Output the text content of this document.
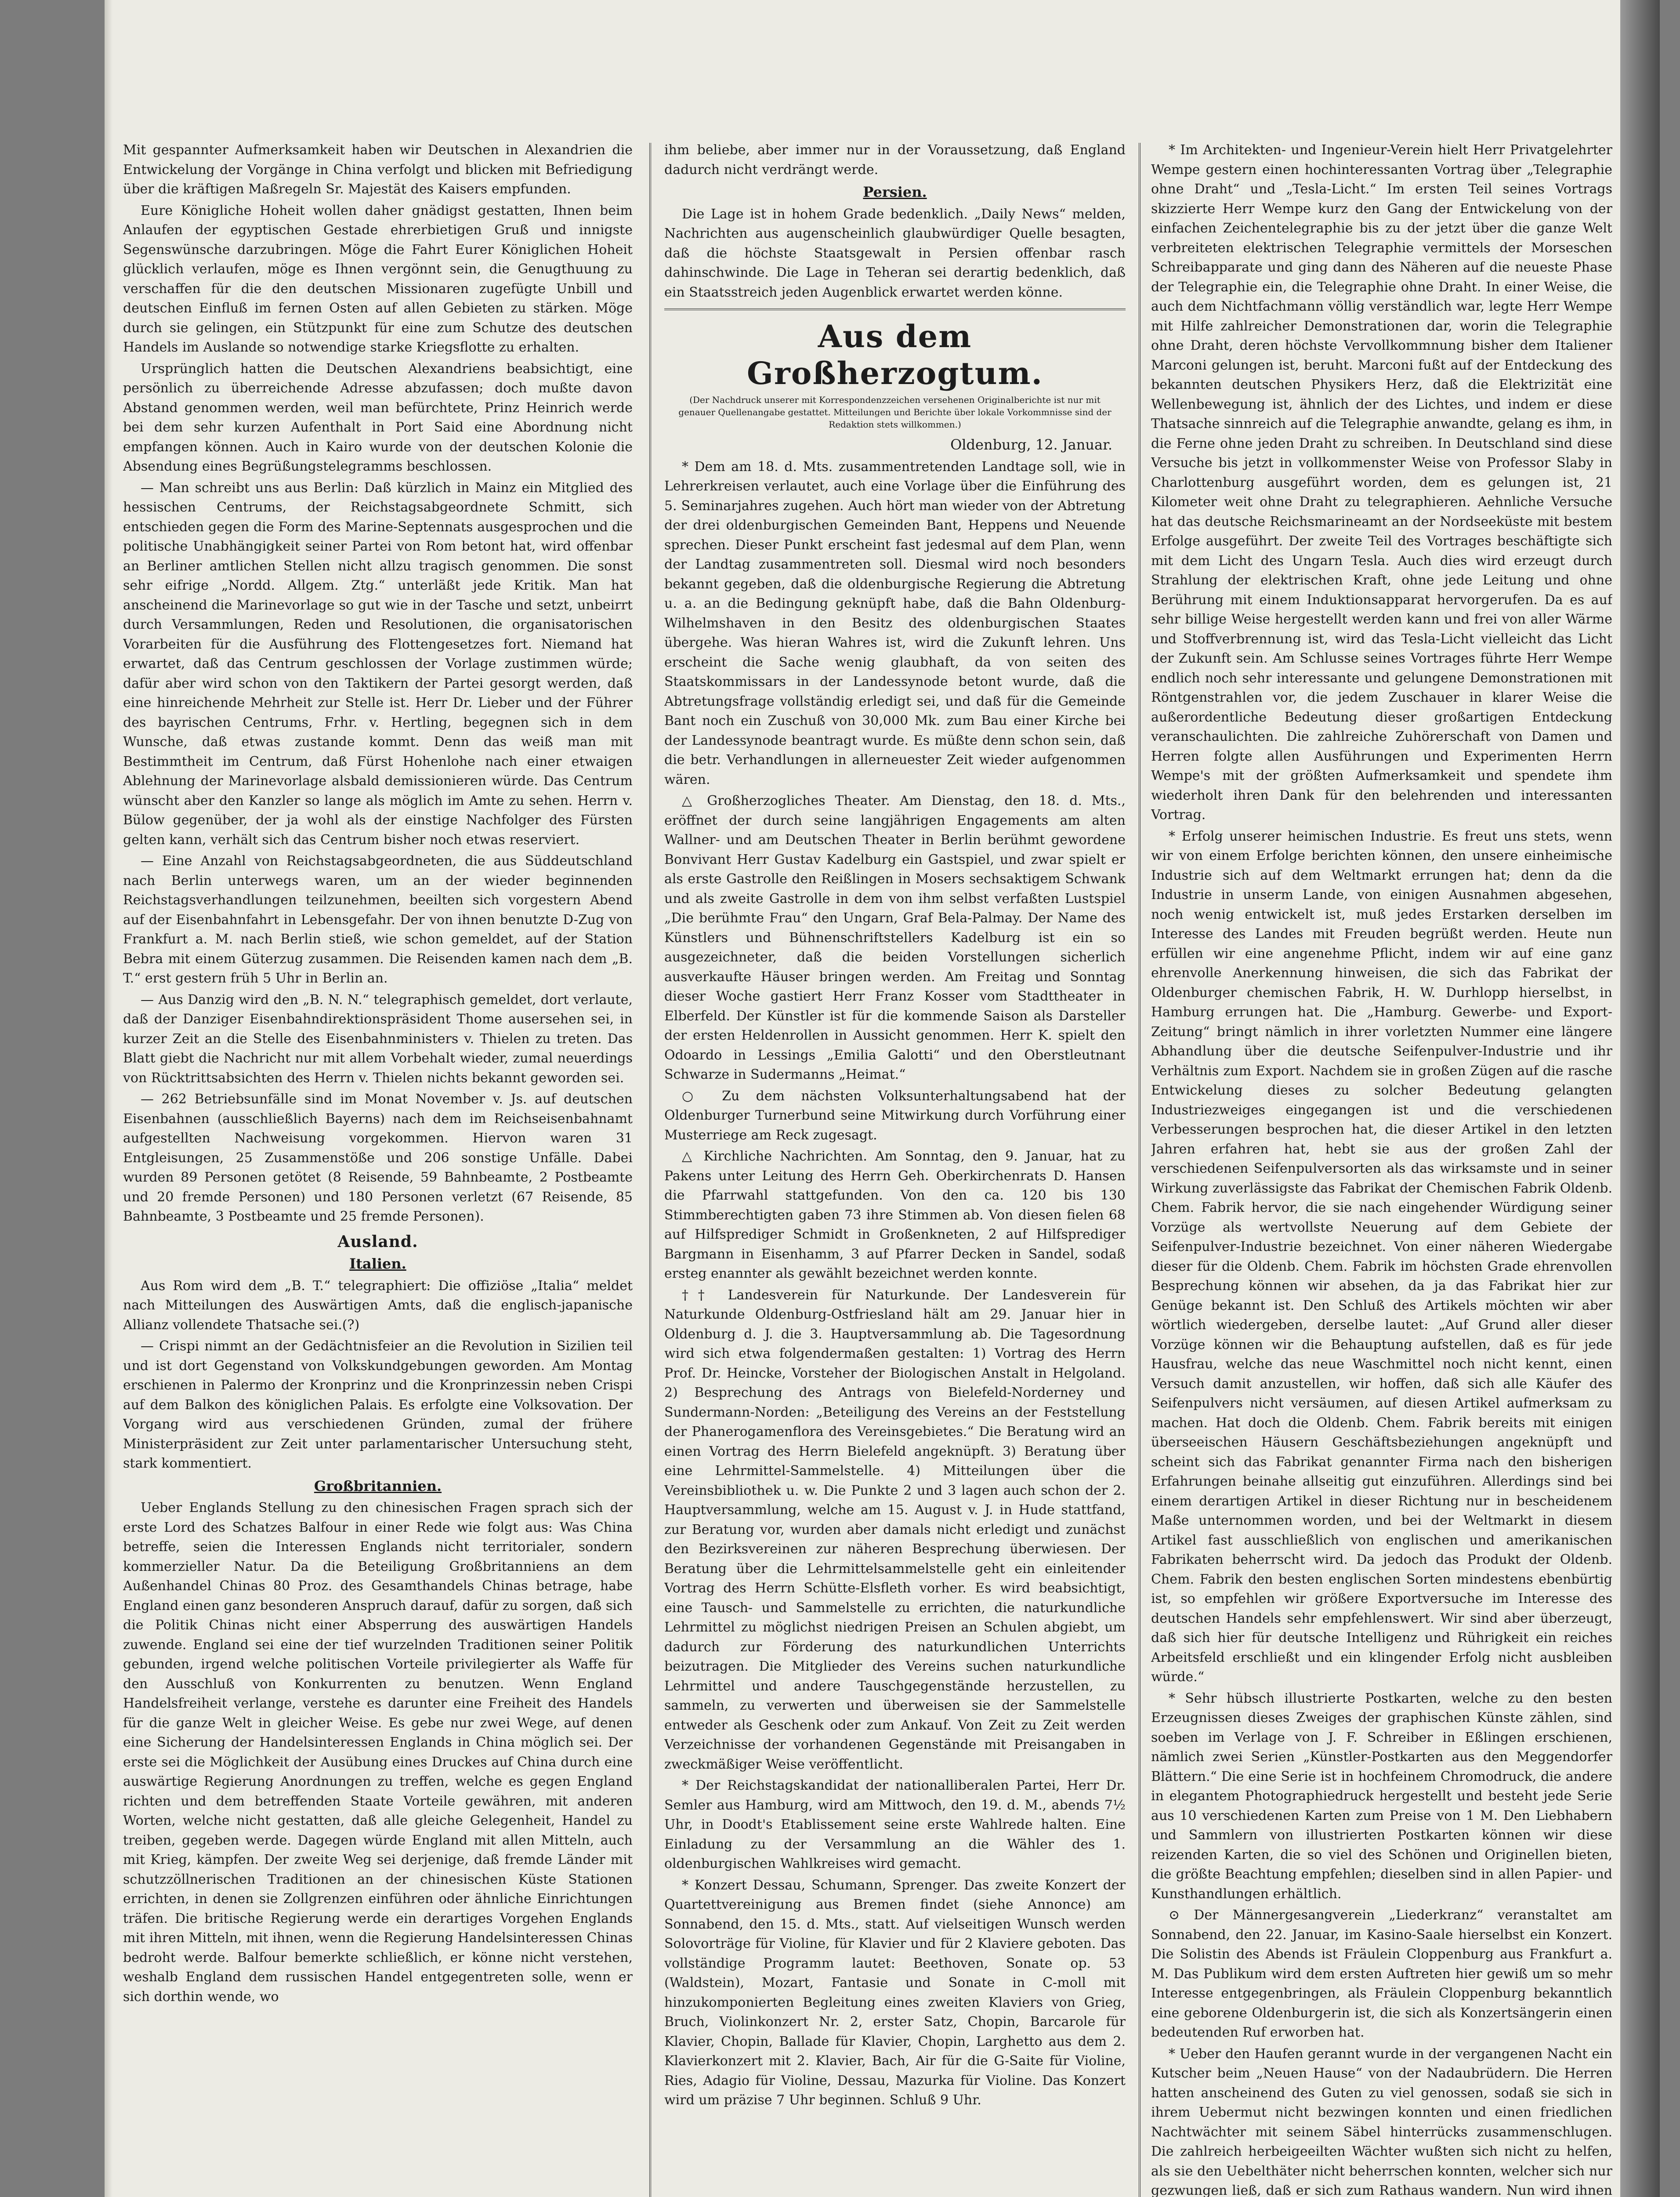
Mit gespannter Aufmerksamkeit haben wir Deutschen in Alexandrien die Entwickelung der Vorgänge in China verfolgt und blicken mit Befriedigung über die kräftigen Maßregeln Sr. Majestät des Kaisers empfunden.

Eure Königliche Hoheit wollen daher gnädigst gestatten, Ihnen beim Anlaufen der egyptischen Gestade ehrerbietigen Gruß und innigste Segenswünsche darzubringen. Möge die Fahrt Eurer Königlichen Hoheit glücklich verlaufen, möge es Ihnen vergönnt sein, die Genugthuung zu verschaffen für die den deutschen Missionaren zugefügte Unbill und deutschen Einfluß im fernen Osten auf allen Gebieten zu stärken. Möge durch sie gelingen, ein Stützpunkt für eine zum Schutze des deutschen Handels im Auslande so notwendige starke Kriegsflotte zu erhalten.

Ursprünglich hatten die Deutschen Alexandriens beabsichtigt, eine persönlich zu überreichende Adresse abzufassen; doch mußte davon Abstand genommen werden, weil man befürchtete, Prinz Heinrich werde bei dem sehr kurzen Aufenthalt in Port Said eine Abordnung nicht empfangen können. Auch in Kairo wurde von der deutschen Kolonie die Absendung eines Begrüßungstelegramms beschlossen.

— Man schreibt uns aus Berlin: Daß kürzlich in Mainz ein Mitglied des hessischen Centrums, der Reichstagsabgeordnete Schmitt, sich entschieden gegen die Form des Marine-Septennats ausgesprochen und die politische Unabhängigkeit seiner Partei von Rom betont hat, wird offenbar an Berliner amtlichen Stellen nicht allzu tragisch genommen. Die sonst sehr eifrige „Nordd. Allgem. Ztg.“ unterläßt jede Kritik. Man hat anscheinend die Marinevorlage so gut wie in der Tasche und setzt, unbeirrt durch Versammlungen, Reden und Resolutionen, die organisatorischen Vorarbeiten für die Ausführung des Flottengesetzes fort. Niemand hat erwartet, daß das Centrum geschlossen der Vorlage zustimmen würde; dafür aber wird schon von den Taktikern der Partei gesorgt werden, daß eine hinreichende Mehrheit zur Stelle ist. Herr Dr. Lieber und der Führer des bayrischen Centrums, Frhr. v. Hertling, begegnen sich in dem Wunsche, daß etwas zustande kommt. Denn das weiß man mit Bestimmtheit im Centrum, daß Fürst Hohenlohe nach einer etwaigen Ablehnung der Marinevorlage alsbald demissionieren würde. Das Centrum wünscht aber den Kanzler so lange als möglich im Amte zu sehen. Herrn v. Bülow gegenüber, der ja wohl als der einstige Nachfolger des Fürsten gelten kann, verhält sich das Centrum bisher noch etwas reserviert.

— Eine Anzahl von Reichstagsabgeordneten, die aus Süddeutschland nach Berlin unterwegs waren, um an der wieder beginnenden Reichstagsverhandlungen teilzunehmen, beeilten sich vorgestern Abend auf der Eisenbahnfahrt in Lebensgefahr. Der von ihnen benutzte D-Zug von Frankfurt a. M. nach Berlin stieß, wie schon gemeldet, auf der Station Bebra mit einem Güterzug zusammen. Die Reisenden kamen nach dem „B. T.“ erst gestern früh 5 Uhr in Berlin an.

— Aus Danzig wird den „B. N. N.“ telegraphisch gemeldet, dort verlaute, daß der Danziger Eisenbahndirektionspräsident Thome ausersehen sei, in kurzer Zeit an die Stelle des Eisenbahnministers v. Thielen zu treten. Das Blatt giebt die Nachricht nur mit allem Vorbehalt wieder, zumal neuerdings von Rücktrittsabsichten des Herrn v. Thielen nichts bekannt geworden sei.

— 262 Betriebsunfälle sind im Monat November v. Js. auf deutschen Eisenbahnen (ausschließlich Bayerns) nach dem im Reichseisenbahnamt aufgestellten Nachweisung vorgekommen. Hiervon waren 31 Entgleisungen, 25 Zusammenstöße und 206 sonstige Unfälle. Dabei wurden 89 Personen getötet (8 Reisende, 59 Bahnbeamte, 2 Postbeamte und 20 fremde Personen) und 180 Personen verletzt (67 Reisende, 85 Bahnbeamte, 3 Postbeamte und 25 fremde Personen).

Ausland.
Italien.

Aus Rom wird dem „B. T.“ telegraphiert: Die offiziöse „Italia“ meldet nach Mitteilungen des Auswärtigen Amts, daß die englisch-japanische Allianz vollendete Thatsache sei.(?)

— Crispi nimmt an der Gedächtnisfeier an die Revolution in Sizilien teil und ist dort Gegenstand von Volkskundgebungen geworden. Am Montag erschienen in Palermo der Kronprinz und die Kronprinzessin neben Crispi auf dem Balkon des königlichen Palais. Es erfolgte eine Volksovation. Der Vorgang wird aus verschiedenen Gründen, zumal der frühere Ministerpräsident zur Zeit unter parlamentarischer Untersuchung steht, stark kommentiert.

Großbritannien.

Ueber Englands Stellung zu den chinesischen Fragen sprach sich der erste Lord des Schatzes Balfour in einer Rede wie folgt aus: Was China betreffe, seien die Interessen Englands nicht territorialer, sondern kommerzieller Natur. Da die Beteiligung Großbritanniens an dem Außenhandel Chinas 80 Proz. des Gesamthandels Chinas betrage, habe England einen ganz besonderen Anspruch darauf, dafür zu sorgen, daß sich die Politik Chinas nicht einer Absperrung des auswärtigen Handels zuwende. England sei eine der tief wurzelnden Traditionen seiner Politik gebunden, irgend welche politischen Vorteile privilegierter als Waffe für den Ausschluß von Konkurrenten zu benutzen. Wenn England Handelsfreiheit verlange, verstehe es darunter eine Freiheit des Handels für die ganze Welt in gleicher Weise. Es gebe nur zwei Wege, auf denen eine Sicherung der Handelsinteressen Englands in China möglich sei. Der erste sei die Möglichkeit der Ausübung eines Druckes auf China durch eine auswärtige Regierung Anordnungen zu treffen, welche es gegen England richten und dem betreffenden Staate Vorteile gewähren, mit anderen Worten, welche nicht gestatten, daß alle gleiche Gelegenheit, Handel zu treiben, gegeben werde. Dagegen würde England mit allen Mitteln, auch mit Krieg, kämpfen. Der zweite Weg sei derjenige, daß fremde Länder mit schutzzöllnerischen Traditionen an der chinesischen Küste Stationen errichten, in denen sie Zollgrenzen einführen oder ähnliche Einrichtungen träfen. Die britische Regierung werde ein derartiges Vorgehen Englands mit ihren Mitteln, mit ihnen, wenn die Regierung Handelsinteressen Chinas bedroht werde. Balfour bemerkte schließlich, er könne nicht verstehen, weshalb England dem russischen Handel entgegentreten solle, wenn er sich dorthin wende, wo

ihm beliebe, aber immer nur in der Voraussetzung, daß England dadurch nicht verdrängt werde.

Persien.

Die Lage ist in hohem Grade bedenklich. „Daily News“ melden, Nachrichten aus augenscheinlich glaubwürdiger Quelle besagten, daß die höchste Staatsgewalt in Persien offenbar rasch dahinschwinde. Die Lage in Teheran sei derartig bedenklich, daß ein Staatsstreich jeden Augenblick erwartet werden könne.

Aus dem Großherzogtum.
(Der Nachdruck unserer mit Korrespondenzzeichen versehenen Originalberichte ist nur mit genauer Quellenangabe gestattet. Mitteilungen und Berichte über lokale Vorkommnisse sind der Redaktion stets willkommen.)
Oldenburg, 12. Januar.

* Dem am 18. d. Mts. zusammentretenden Landtage soll, wie in Lehrerkreisen verlautet, auch eine Vorlage über die Einführung des 5. Seminarjahres zugehen. Auch hört man wieder von der Abtretung der drei oldenburgischen Gemeinden Bant, Heppens und Neuende sprechen. Dieser Punkt erscheint fast jedesmal auf dem Plan, wenn der Landtag zusammentreten soll. Diesmal wird noch besonders bekannt gegeben, daß die oldenburgische Regierung die Abtretung u. a. an die Bedingung geknüpft habe, daß die Bahn Oldenburg-Wilhelmshaven in den Besitz des oldenburgischen Staates übergehe. Was hieran Wahres ist, wird die Zukunft lehren. Uns erscheint die Sache wenig glaubhaft, da von seiten des Staatskommissars in der Landessynode betont wurde, daß die Abtretungsfrage vollständig erledigt sei, und daß für die Gemeinde Bant noch ein Zuschuß von 30,000 Mk. zum Bau einer Kirche bei der Landessynode beantragt wurde. Es müßte denn schon sein, daß die betr. Verhandlungen in allerneuester Zeit wieder aufgenommen wären.

△ Großherzogliches Theater. Am Dienstag, den 18. d. Mts., eröffnet der durch seine langjährigen Engagements am alten Wallner- und am Deutschen Theater in Berlin berühmt gewordene Bonvivant Herr Gustav Kadelburg ein Gastspiel, und zwar spielt er als erste Gastrolle den Reißlingen in Mosers sechsaktigem Schwank und als zweite Gastrolle in dem von ihm selbst verfaßten Lustspiel „Die berühmte Frau“ den Ungarn, Graf Bela-Palmay. Der Name des Künstlers und Bühnenschriftstellers Kadelburg ist ein so ausgezeichneter, daß die beiden Vorstellungen sicherlich ausverkaufte Häuser bringen werden. Am Freitag und Sonntag dieser Woche gastiert Herr Franz Kosser vom Stadttheater in Elberfeld. Der Künstler ist für die kommende Saison als Darsteller der ersten Heldenrollen in Aussicht genommen. Herr K. spielt den Odoardo in Lessings „Emilia Galotti“ und den Oberstleutnant Schwarze in Sudermanns „Heimat.“

○ Zu dem nächsten Volksunterhaltungsabend hat der Oldenburger Turnerbund seine Mitwirkung durch Vorführung einer Musterriege am Reck zugesagt.

△ Kirchliche Nachrichten. Am Sonntag, den 9. Januar, hat zu Pakens unter Leitung des Herrn Geh. Oberkirchenrats D. Hansen die Pfarrwahl stattgefunden. Von den ca. 120 bis 130 Stimmberechtigten gaben 73 ihre Stimmen ab. Von diesen fielen 68 auf Hilfsprediger Schmidt in Großenkneten, 2 auf Hilfsprediger Bargmann in Eisenhamm, 3 auf Pfarrer Decken in Sandel, sodaß ersteg enannter als gewählt bezeichnet werden konnte.

†† Landesverein für Naturkunde. Der Landesverein für Naturkunde Oldenburg-Ostfriesland hält am 29. Januar hier in Oldenburg d. J. die 3. Hauptversammlung ab. Die Tagesordnung wird sich etwa folgendermaßen gestalten: 1) Vortrag des Herrn Prof. Dr. Heincke, Vorsteher der Biologischen Anstalt in Helgoland. 2) Besprechung des Antrags von Bielefeld-Norderney und Sundermann-Norden: „Beteiligung des Vereins an der Feststellung der Phanerogamenflora des Vereinsgebietes.“ Die Beratung wird an einen Vortrag des Herrn Bielefeld angeknüpft. 3) Beratung über eine Lehrmittel-Sammelstelle. 4) Mitteilungen über die Vereinsbibliothek u. w. Die Punkte 2 und 3 lagen auch schon der 2. Hauptversammlung, welche am 15. August v. J. in Hude stattfand, zur Beratung vor, wurden aber damals nicht erledigt und zunächst den Bezirksvereinen zur näheren Besprechung überwiesen. Der Beratung über die Lehrmittelsammelstelle geht ein einleitender Vortrag des Herrn Schütte-Elsfleth vorher. Es wird beabsichtigt, eine Tausch- und Sammelstelle zu errichten, die naturkundliche Lehrmittel zu möglichst niedrigen Preisen an Schulen abgiebt, um dadurch zur Förderung des naturkundlichen Unterrichts beizutragen. Die Mitglieder des Vereins suchen naturkundliche Lehrmittel und andere Tauschgegenstände herzustellen, zu sammeln, zu verwerten und überweisen sie der Sammelstelle entweder als Geschenk oder zum Ankauf. Von Zeit zu Zeit werden Verzeichnisse der vorhandenen Gegenstände mit Preisangaben in zweckmäßiger Weise veröffentlicht.

* Der Reichstagskandidat der nationalliberalen Partei, Herr Dr. Semler aus Hamburg, wird am Mittwoch, den 19. d. M., abends 7½ Uhr, in Doodt's Etablissement seine erste Wahlrede halten. Eine Einladung zu der Versammlung an die Wähler des 1. oldenburgischen Wahlkreises wird gemacht.

* Konzert Dessau, Schumann, Sprenger. Das zweite Konzert der Quartettvereinigung aus Bremen findet (siehe Annonce) am Sonnabend, den 15. d. Mts., statt. Auf vielseitigen Wunsch werden Solovorträge für Violine, für Klavier und für 2 Klaviere geboten. Das vollständige Programm lautet: Beethoven, Sonate op. 53 (Waldstein), Mozart, Fantasie und Sonate in C-moll mit hinzukomponierten Begleitung eines zweiten Klaviers von Grieg, Bruch, Violinkonzert Nr. 2, erster Satz, Chopin, Barcarole für Klavier, Chopin, Ballade für Klavier, Chopin, Larghetto aus dem 2. Klavierkonzert mit 2. Klavier, Bach, Air für die G-Saite für Violine, Ries, Adagio für Violine, Dessau, Mazurka für Violine. Das Konzert wird um präzise 7 Uhr beginnen. Schluß 9 Uhr.

* Im Architekten- und Ingenieur-Verein hielt Herr Privatgelehrter Wempe gestern einen hochinteressanten Vortrag über „Telegraphie ohne Draht“ und „Tesla-Licht.“ Im ersten Teil seines Vortrags skizzierte Herr Wempe kurz den Gang der Entwickelung von der einfachen Zeichentelegraphie bis zu der jetzt über die ganze Welt verbreiteten elektrischen Telegraphie vermittels der Morseschen Schreibapparate und ging dann des Näheren auf die neueste Phase der Telegraphie ein, die Telegraphie ohne Draht. In einer Weise, die auch dem Nichtfachmann völlig verständlich war, legte Herr Wempe mit Hilfe zahlreicher Demonstrationen dar, worin die Telegraphie ohne Draht, deren höchste Vervollkommnung bisher dem Italiener Marconi gelungen ist, beruht. Marconi fußt auf der Entdeckung des bekannten deutschen Physikers Herz, daß die Elektrizität eine Wellenbewegung ist, ähnlich der des Lichtes, und indem er diese Thatsache sinnreich auf die Telegraphie anwandte, gelang es ihm, in die Ferne ohne jeden Draht zu schreiben. In Deutschland sind diese Versuche bis jetzt in vollkommenster Weise von Professor Slaby in Charlottenburg ausgeführt worden, dem es gelungen ist, 21 Kilometer weit ohne Draht zu telegraphieren. Aehnliche Versuche hat das deutsche Reichsmarineamt an der Nordseeküste mit bestem Erfolge ausgeführt. Der zweite Teil des Vortrages beschäftigte sich mit dem Licht des Ungarn Tesla. Auch dies wird erzeugt durch Strahlung der elektrischen Kraft, ohne jede Leitung und ohne Berührung mit einem Induktionsapparat hervorgerufen. Da es auf sehr billige Weise hergestellt werden kann und frei von aller Wärme und Stoffverbrennung ist, wird das Tesla-Licht vielleicht das Licht der Zukunft sein. Am Schlusse seines Vortrages führte Herr Wempe endlich noch sehr interessante und gelungene Demonstrationen mit Röntgenstrahlen vor, die jedem Zuschauer in klarer Weise die außerordentliche Bedeutung dieser großartigen Entdeckung veranschaulichten. Die zahlreiche Zuhörerschaft von Damen und Herren folgte allen Ausführungen und Experimenten Herrn Wempe's mit der größten Aufmerksamkeit und spendete ihm wiederholt ihren Dank für den belehrenden und interessanten Vortrag.

* Erfolg unserer heimischen Industrie. Es freut uns stets, wenn wir von einem Erfolge berichten können, den unsere einheimische Industrie sich auf dem Weltmarkt errungen hat; denn da die Industrie in unserm Lande, von einigen Ausnahmen abgesehen, noch wenig entwickelt ist, muß jedes Erstarken derselben im Interesse des Landes mit Freuden begrüßt werden. Heute nun erfüllen wir eine angenehme Pflicht, indem wir auf eine ganz ehrenvolle Anerkennung hinweisen, die sich das Fabrikat der Oldenburger chemischen Fabrik, H. W. Durhlopp hierselbst, in Hamburg errungen hat. Die „Hamburg. Gewerbe- und Export-Zeitung“ bringt nämlich in ihrer vorletzten Nummer eine längere Abhandlung über die deutsche Seifenpulver-Industrie und ihr Verhältnis zum Export. Nachdem sie in großen Zügen auf die rasche Entwickelung dieses zu solcher Bedeutung gelangten Industriezweiges eingegangen ist und die verschiedenen Verbesserungen besprochen hat, die dieser Artikel in den letzten Jahren erfahren hat, hebt sie aus der großen Zahl der verschiedenen Seifenpulversorten als das wirksamste und in seiner Wirkung zuverlässigste das Fabrikat der Chemischen Fabrik Oldenb. Chem. Fabrik hervor, die sie nach eingehender Würdigung seiner Vorzüge als wertvollste Neuerung auf dem Gebiete der Seifenpulver-Industrie bezeichnet. Von einer näheren Wiedergabe dieser für die Oldenb. Chem. Fabrik im höchsten Grade ehrenvollen Besprechung können wir absehen, da ja das Fabrikat hier zur Genüge bekannt ist. Den Schluß des Artikels möchten wir aber wörtlich wiedergeben, derselbe lautet: „Auf Grund aller dieser Vorzüge können wir die Behauptung aufstellen, daß es für jede Hausfrau, welche das neue Waschmittel noch nicht kennt, einen Versuch damit anzustellen, wir hoffen, daß sich alle Käufer des Seifenpulvers nicht versäumen, auf diesen Artikel aufmerksam zu machen. Hat doch die Oldenb. Chem. Fabrik bereits mit einigen überseeischen Häusern Geschäftsbeziehungen angeknüpft und scheint sich das Fabrikat genannter Firma nach den bisherigen Erfahrungen beinahe allseitig gut einzuführen. Allerdings sind bei einem derartigen Artikel in dieser Richtung nur in bescheidenem Maße unternommen worden, und bei der Weltmarkt in diesem Artikel fast ausschließlich von englischen und amerikanischen Fabrikaten beherrscht wird. Da jedoch das Produkt der Oldenb. Chem. Fabrik den besten englischen Sorten mindestens ebenbürtig ist, so empfehlen wir größere Exportversuche im Interesse des deutschen Handels sehr empfehlenswert. Wir sind aber überzeugt, daß sich hier für deutsche Intelligenz und Rührigkeit ein reiches Arbeitsfeld erschließt und ein klingender Erfolg nicht ausbleiben würde.“

* Sehr hübsch illustrierte Postkarten, welche zu den besten Erzeugnissen dieses Zweiges der graphischen Künste zählen, sind soeben im Verlage von J. F. Schreiber in Eßlingen erschienen, nämlich zwei Serien „Künstler-Postkarten aus den Meggendorfer Blättern.“ Die eine Serie ist in hochfeinem Chromodruck, die andere in elegantem Photographiedruck hergestellt und besteht jede Serie aus 10 verschiedenen Karten zum Preise von 1 M. Den Liebhabern und Sammlern von illustrierten Postkarten können wir diese reizenden Karten, die so viel des Schönen und Originellen bieten, die größte Beachtung empfehlen; dieselben sind in allen Papier- und Kunsthandlungen erhältlich.

⊙ Der Männergesangverein „Liederkranz“ veranstaltet am Sonnabend, den 22. Januar, im Kasino-Saale hierselbst ein Konzert. Die Solistin des Abends ist Fräulein Cloppenburg aus Frankfurt a. M. Das Publikum wird dem ersten Auftreten hier gewiß um so mehr Interesse entgegenbringen, als Fräulein Cloppenburg bekanntlich eine geborene Oldenburgerin ist, die sich als Konzertsängerin einen bedeutenden Ruf erworben hat.

* Ueber den Haufen gerannt wurde in der vergangenen Nacht ein Kutscher beim „Neuen Hause“ von der Nadaubrüdern. Die Herren hatten anscheinend des Guten zu viel genossen, sodaß sie sich in ihrem Uebermut nicht bezwingen konnten und einen friedlichen Nachtwächter mit seinem Säbel hinterrücks zusammenschlugen. Die zahlreich herbeigeeilten Wächter wußten sich nicht zu helfen, als sie den Uebelthäter nicht beherrschen konnten, welcher sich nur gezwungen ließ, daß er sich zum Rathaus wandern. Nun wird ihnen
